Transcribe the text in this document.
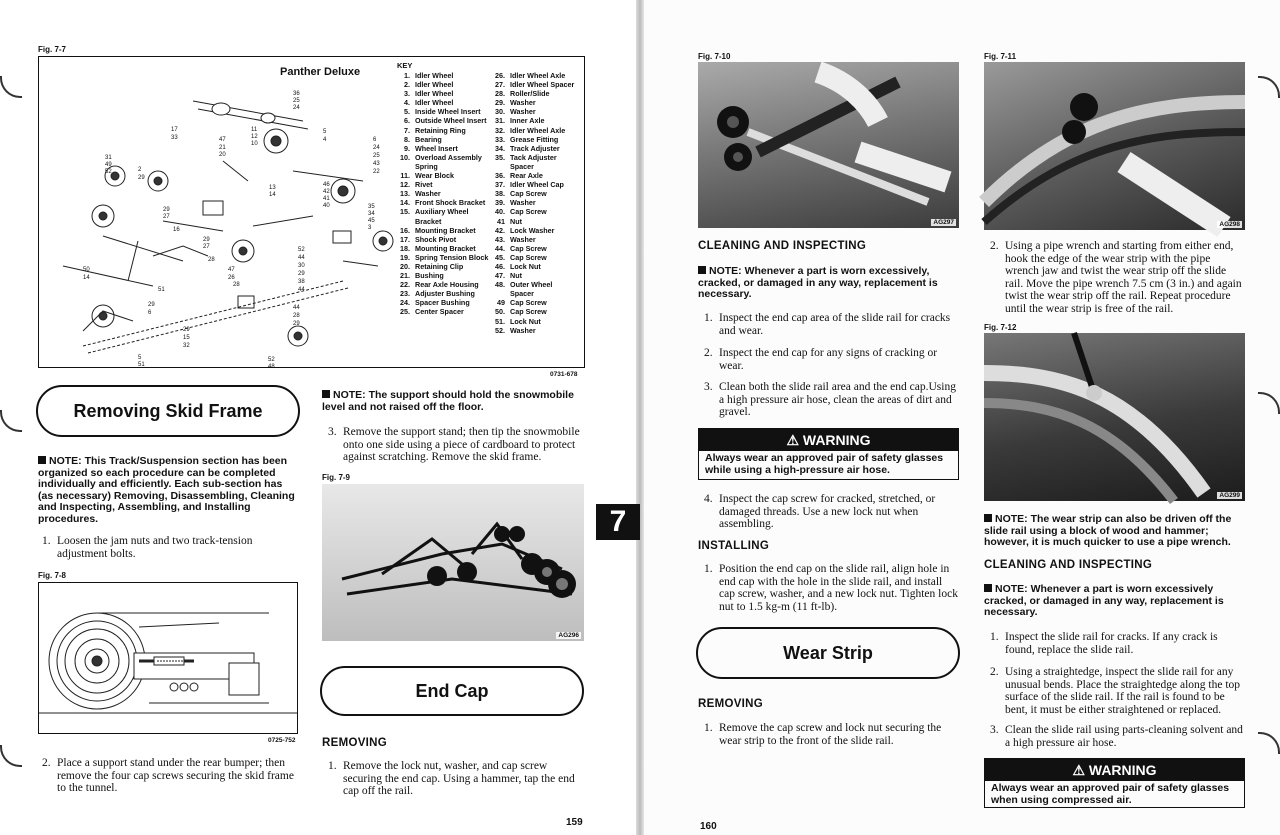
Fig. 7-7
Panther Deluxe
36
25
24
5
4
17
33	47
21
20
11
12
10
6
24
25
43
22
31
49
52	2
29
46
42
41
40
13
14
29
27
16
29
27
28
35
34
45
3
52
44
30
29
38
44
50
14
51
47
26
28
44
28
29
29
6
29
15
32
5
51
52
48
KEY
1. Idler Wheel
2. Idler Wheel
3. Idler Wheel
4. Idler Wheel
5. Inside Wheel Insert
6. Outside Wheel Insert
7. Retaining Ring
8. Bearing
9. Wheel Insert
10. Overload Assembly
Spring
11. Wear Block
12. Rivet
13. Washer
14. Front Shock Bracket
15. Auxiliary Wheel
Bracket
16. Mounting Bracket
17. Shock Pivot
18. Mounting Bracket
19. Spring Tension Block
20. Retaining Clip
21. Bushing
22. Rear Axle Housing
23. Adjuster Bushing
24. Spacer Bushing
25. Center Spacer
26. Idler Wheel Axle
27. Idler Wheel Spacer
28. Roller/Slide
29. Washer
30. Washer
31. Inner Axle
32. Idler Wheel Axle
33. Grease Fitting
34. Track Adjuster
35. Tack Adjuster
Spacer
36. Rear Axle
37. Idler Wheel Cap
38. Cap Screw
39. Washer
40. Cap Screw
41 Nut
42. Lock Washer
43. Washer
44. Cap Screw
45. Cap Screw
46. Lock Nut
47. Nut
48. Outer Wheel
Spacer
49 Cap Screw
50. Cap Screw
51. Lock Nut
52. Washer
0731-678
Removing Skid Frame
NOTE: This Track/Suspension section has been organized so each procedure can be completed individually and efficiently. Each sub-section has (as necessary) Removing, Disassembling, Cleaning and Inspecting, Assembling, and Installing procedures.
1. Loosen the jam nuts and two track-tension adjustment bolts.
Fig. 7-8
0725-752
2. Place a support stand under the rear bumper; then remove the four cap screws securing the skid frame to the tunnel.
NOTE: The support should hold the snowmobile level and not raised off the floor.
3. Remove the support stand; then tip the snowmobile onto one side using a piece of cardboard to protect against scratching. Remove the skid frame.
Fig. 7-9
AG296
End Cap
REMOVING
1. Remove the lock nut, washer, and cap screw securing the end cap. Using a hammer, tap the end cap off the rail.
159
7
Fig. 7-10
AG297
CLEANING AND INSPECTING
NOTE: Whenever a part is worn excessively, cracked, or damaged in any way, replacement is necessary.
1. Inspect the end cap area of the slide rail for cracks and wear.
2. Inspect the end cap for any signs of cracking or wear.
3. Clean both the slide rail area and the end cap.Using a high pressure air hose, clean the areas of dirt and gravel.
⚠ WARNING
Always wear an approved pair of safety glasses while using a high-pressure air hose.
4. Inspect the cap screw for cracked, stretched, or damaged threads. Use a new lock nut when assembling.
INSTALLING
1. Position the end cap on the slide rail, align hole in end cap with the hole in the slide rail, and install cap screw, washer, and a new lock nut. Tighten lock nut to 1.5 kg-m (11 ft-lb).
Wear Strip
REMOVING
1. Remove the cap screw and lock nut securing the wear strip to the front of the slide rail.
160
Fig. 7-11
AG298
2. Using a pipe wrench and starting from either end, hook the edge of the wear strip with the pipe wrench jaw and twist the wear strip off the slide rail. Move the pipe wrench 7.5 cm (3 in.) and again twist the wear strip off the rail. Repeat procedure until the wear strip is free of the rail.
Fig. 7-12
AG299
NOTE: The wear strip can also be driven off the slide rail using a block of wood and hammer; however, it is much quicker to use a pipe wrench.
CLEANING AND INSPECTING
NOTE: Whenever a part is worn excessively cracked, or damaged in any way, replacement is necessary.
1. Inspect the slide rail for cracks. If any crack is found, replace the slide rail.
2. Using a straightedge, inspect the slide rail for any unusual bends. Place the straightedge along the top surface of the slide rail. If the rail is found to be bent, it must be either straightened or replaced.
3. Clean the slide rail using parts-cleaning solvent and a high pressure air hose.
⚠ WARNING
Always wear an approved pair of safety glasses when using compressed air.
